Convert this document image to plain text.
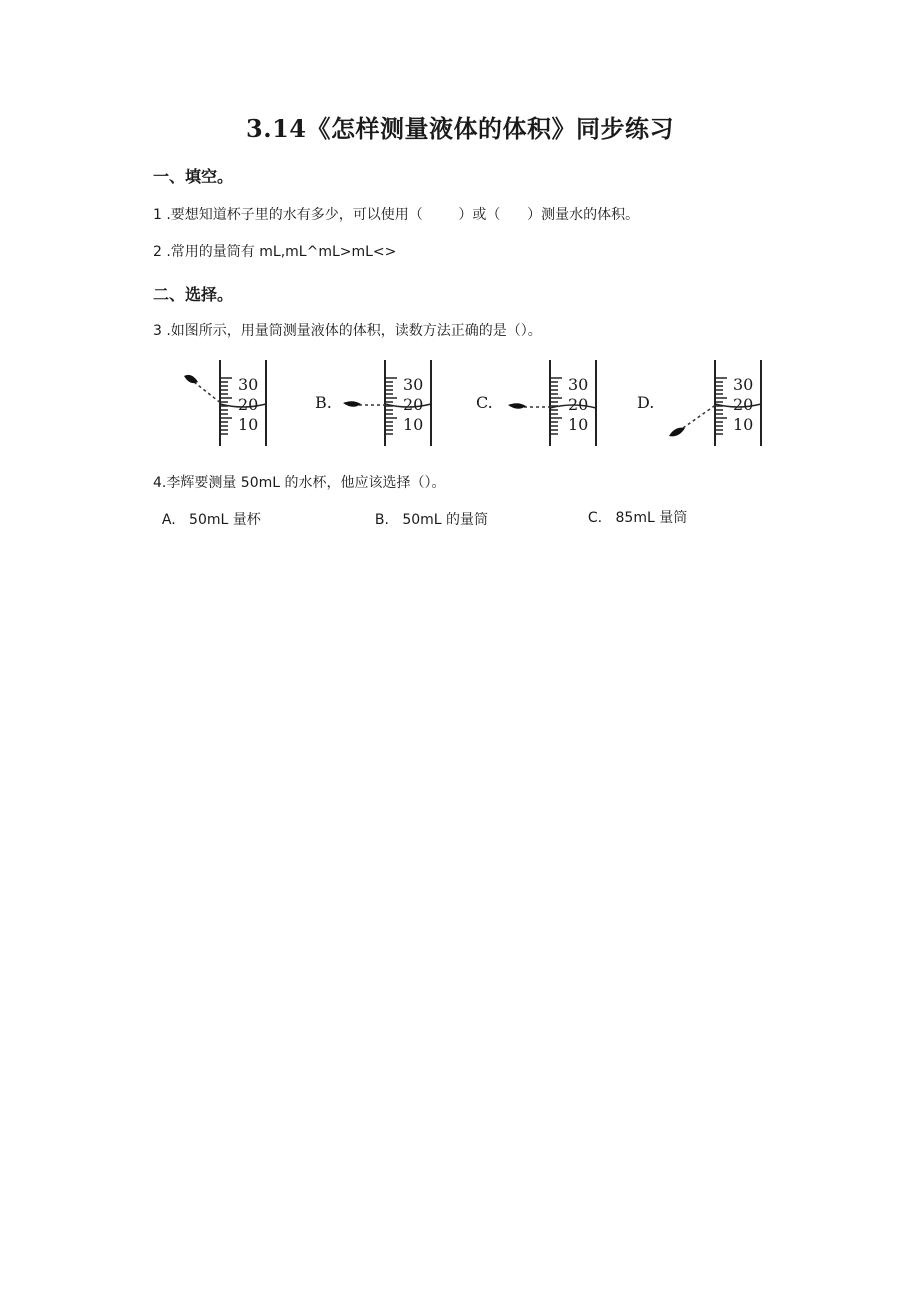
3.14《怎样测量液体的体积》同步练习
一、填空。
1 .要想知道杯子里的水有多少，可以使用（        ）或（      ）测量水的体积。
2 .常用的量筒有 mL,mL^mL>mL<>
二、选择。
3 .如图所示，用量筒测量液体的体积，读数方法正确的是（）。
30
20
10
B.
30
20
10
C.
30
20
10
D.
30
20
10
4.李辉要测量 50mL 的水杯，他应该选择（）。

A. 50mL 量杯	B. 50mL 的量筒	C. 85mL 量筒
